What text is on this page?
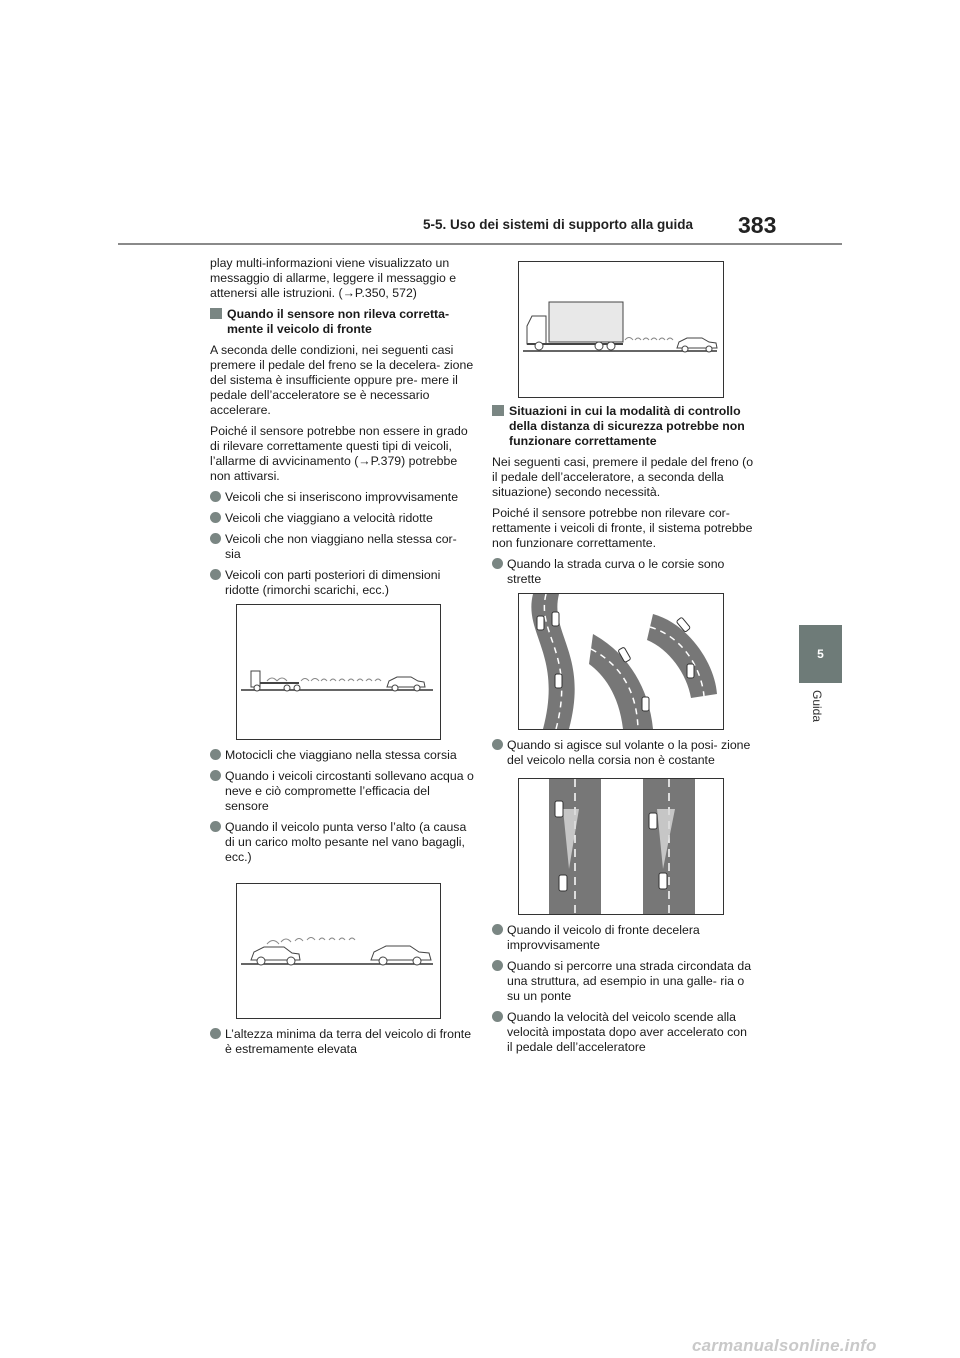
5-5. Uso dei sistemi di supporto alla guida 383
5
Guida

play multi-informazioni viene visualizzato un messaggio di allarme, leggere il messaggio e attenersi alle istruzioni. (→P.350, 572)

Quando il sensore non rileva corretta- mente il veicolo di fronte

A seconda delle condizioni, nei seguenti casi premere il pedale del freno se la decelera- zione del sistema è insufficiente oppure pre- mere il pedale dell’acceleratore se è necessario accelerare.

Poiché il sensore potrebbe non essere in grado di rilevare correttamente questi tipi di veicoli, l’allarme di avvicinamento (→P.379) potrebbe non attivarsi.

Veicoli che si inseriscono improvvisamente

Veicoli che viaggiano a velocità ridotte

Veicoli che non viaggiano nella stessa cor- sia

Veicoli con parti posteriori di dimensioni ridotte (rimorchi scarichi, ecc.)

Motocicli che viaggiano nella stessa corsia

Quando i veicoli circostanti sollevano acqua o neve e ciò compromette l’efficacia del sensore

Quando il veicolo punta verso l’alto (a causa di un carico molto pesante nel vano bagagli, ecc.)

L’altezza minima da terra del veicolo di fronte è estremamente elevata

Situazioni in cui la modalità di controllo della distanza di sicurezza potrebbe non funzionare correttamente

Nei seguenti casi, premere il pedale del freno (o il pedale dell’acceleratore, a seconda della situazione) secondo necessità.

Poiché il sensore potrebbe non rilevare cor- rettamente i veicoli di fronte, il sistema potrebbe non funzionare correttamente.

Quando la strada curva o le corsie sono strette

Quando si agisce sul volante o la posi- zione del veicolo nella corsia non è costante

Quando il veicolo di fronte decelera improvvisamente

Quando si percorre una strada circondata da una struttura, ad esempio in una galle- ria o su un ponte

Quando la velocità del veicolo scende alla velocità impostata dopo aver accelerato con il pedale dell’acceleratore

carmanualsonline.info
